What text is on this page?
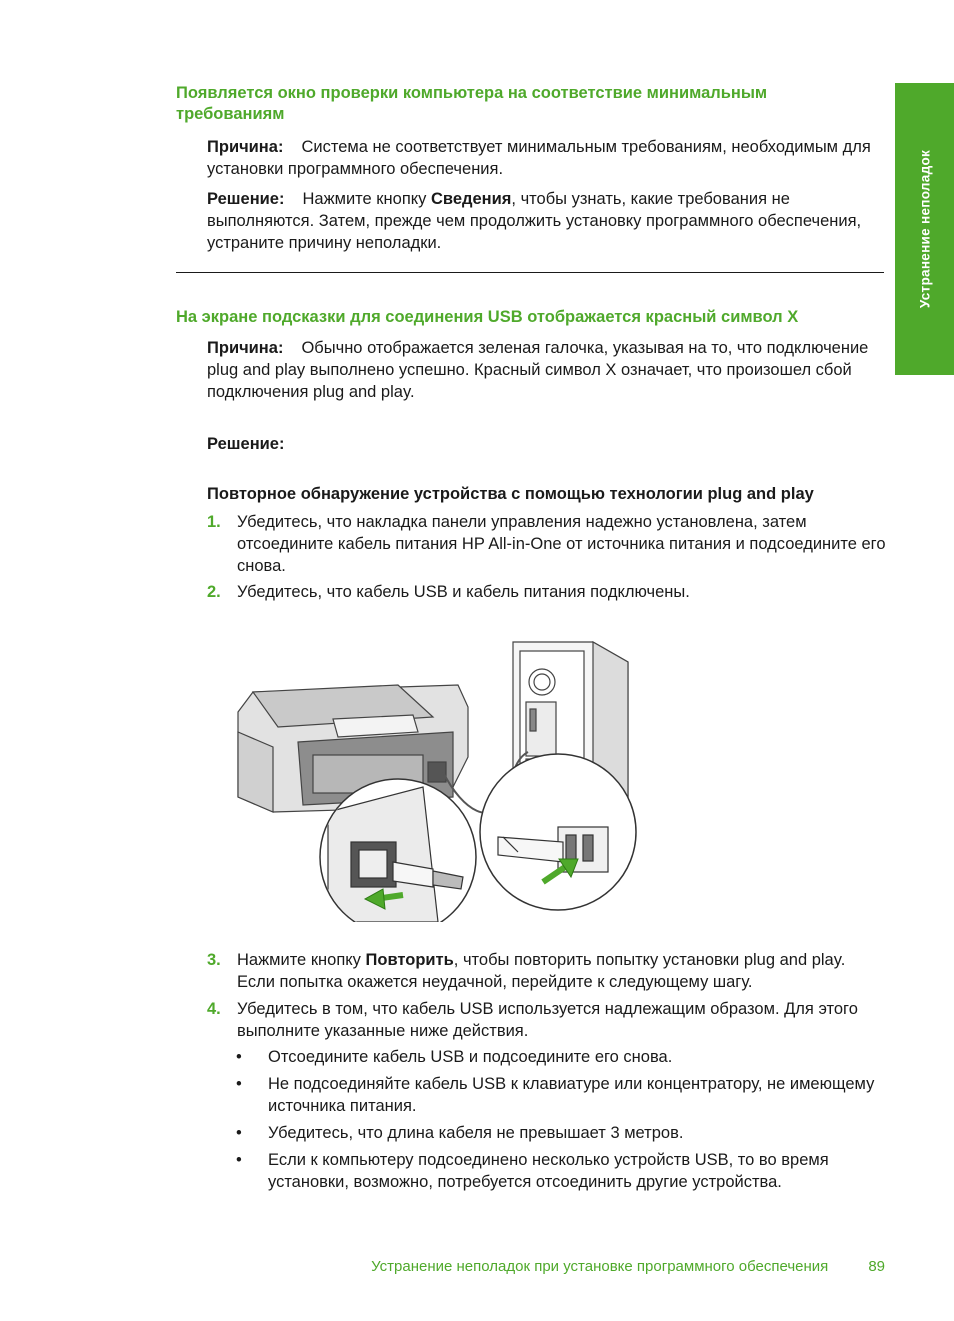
Устранение неполадок
Появляется окно проверки компьютера на соответствие минимальным требованиям

Причина: Система не соответствует минимальным требованиям, необходимым для установки программного обеспечения.

Решение: Нажмите кнопку Сведения, чтобы узнать, какие требования не выполняются. Затем, прежде чем продолжить установку программного обеспечения, устраните причину неполадки.

На экране подсказки для соединения USB отображается красный символ X

Причина: Обычно отображается зеленая галочка, указывая на то, что подключение plug and play выполнено успешно. Красный символ X означает, что произошел сбой подключения plug and play.

Решение:

Повторное обнаружение устройства с помощью технологии plug and play
1. Убедитесь, что накладка панели управления надежно установлена, затем отсоедините кабель питания HP All-in-One от источника питания и подсоедините его снова.
2. Убедитесь, что кабель USB и кабель питания подключены.
3. Нажмите кнопку Повторить, чтобы повторить попытку установки plug and play. Если попытка окажется неудачной, перейдите к следующему шагу.
4. Убедитесь в том, что кабель USB используется надлежащим образом. Для этого выполните указанные ниже действия.
• Отсоедините кабель USB и подсоедините его снова.
• Не подсоединяйте кабель USB к клавиатуре или концентратору, не имеющему источника питания.
• Убедитесь, что длина кабеля не превышает 3 метров.
• Если к компьютеру подсоединено несколько устройств USB, то во время установки, возможно, потребуется отсоединить другие устройства.
Устранение неполадок при установке программного обеспечения	89
